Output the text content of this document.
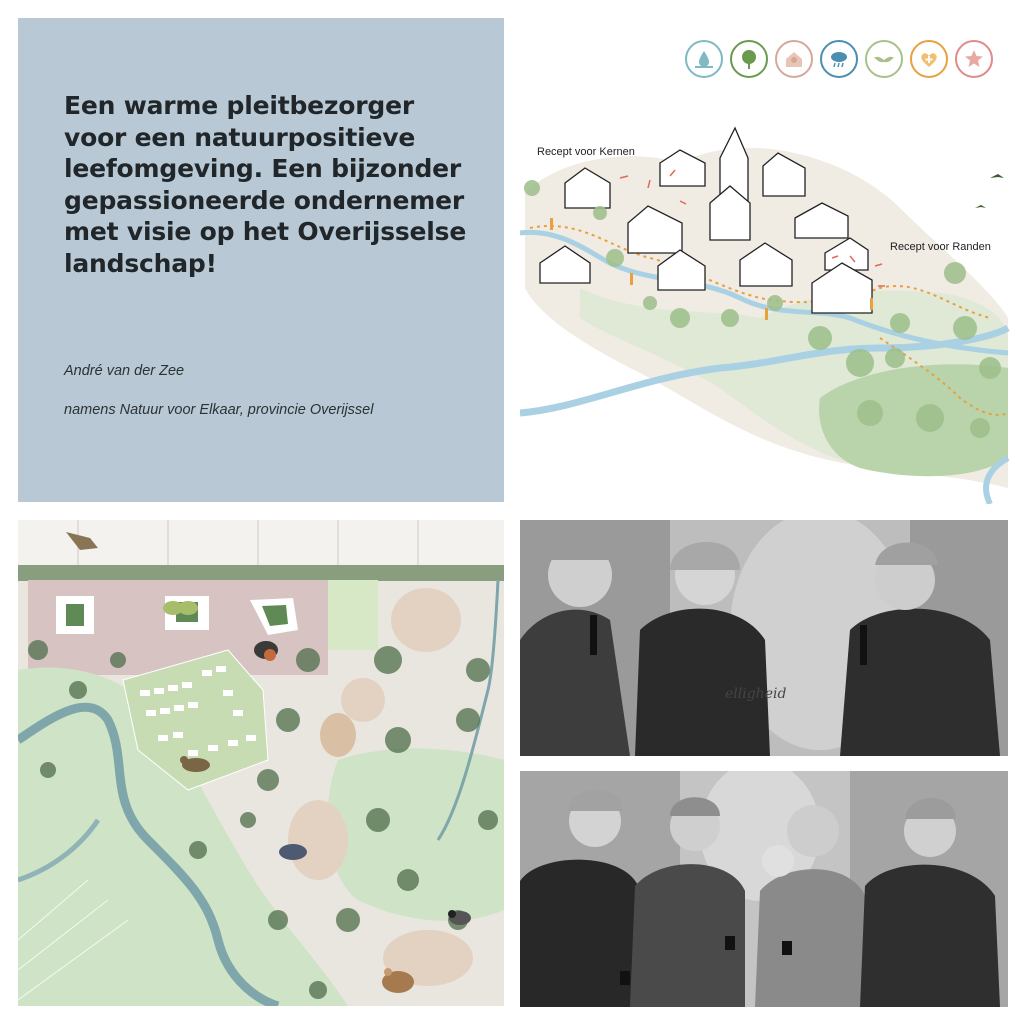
Een warme pleitbezorger voor een natuurpositieve leefomgeving. Een bijzonder gepassioneerde ondernemer met visie op het Overijsselse landschap!

André van der Zee

namens Natuur voor Elkaar, provincie Overijssel

Recept voor Kernen
Recept voor Randen
elligheid
